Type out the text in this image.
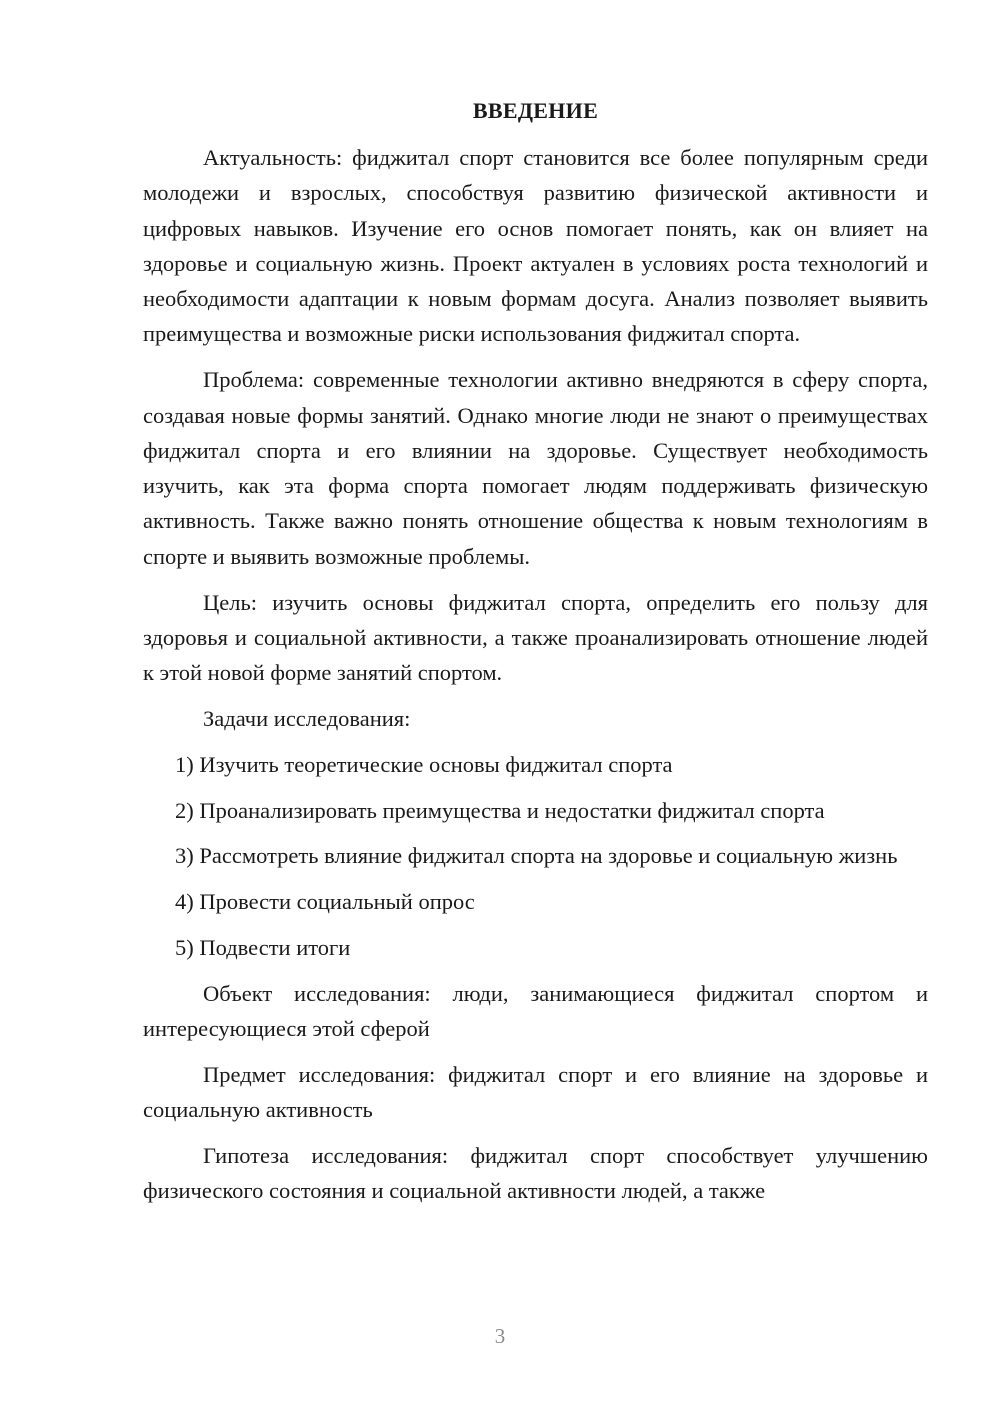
ВВЕДЕНИЕ

Актуальность: фиджитал спорт становится все более популярным среди молодежи и взрослых, способствуя развитию физической активности и цифровых навыков. Изучение его основ помогает понять, как он влияет на здоровье и социальную жизнь. Проект актуален в условиях роста технологий и необходимости адаптации к новым формам досуга. Анализ позволяет выявить преимущества и возможные риски использования фиджитал спорта.

Проблема: современные технологии активно внедряются в сферу спорта, создавая новые формы занятий. Однако многие люди не знают о преимуществах фиджитал спорта и его влиянии на здоровье. Существует необходимость изучить, как эта форма спорта помогает людям поддерживать физическую активность. Также важно понять отношение общества к новым технологиям в спорте и выявить возможные проблемы.

Цель: изучить основы фиджитал спорта, определить его пользу для здоровья и социальной активности, а также проанализировать отношение людей к этой новой форме занятий спортом.

Задачи исследования:

1) Изучить теоретические основы фиджитал спорта

2) Проанализировать преимущества и недостатки фиджитал спорта

3) Рассмотреть влияние фиджитал спорта на здоровье и социальную жизнь

4) Провести социальный опрос

5) Подвести итоги

Объект исследования: люди, занимающиеся фиджитал спортом и интересующиеся этой сферой

Предмет исследования: фиджитал спорт и его влияние на здоровье и социальную активность

Гипотеза исследования: фиджитал спорт способствует улучшению физического состояния и социальной активности людей, а также

3
